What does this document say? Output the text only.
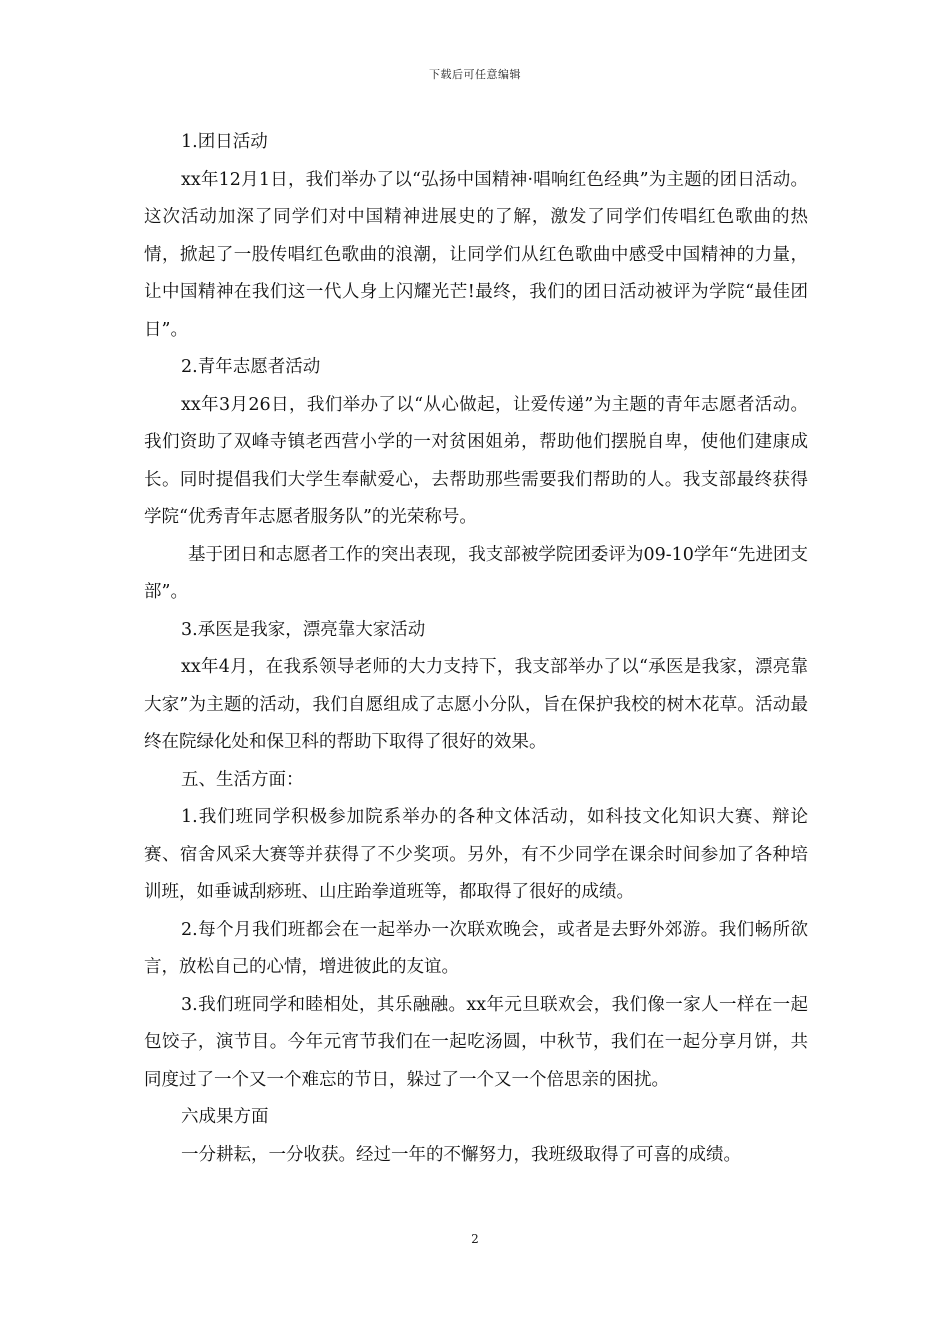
下载后可任意编辑

1.团日活动

xx年12月1日，我们举办了以“弘扬中国精神·唱响红色经典”为主题的团日活动。这次活动加深了同学们对中国精神进展史的了解，激发了同学们传唱红色歌曲的热情，掀起了一股传唱红色歌曲的浪潮，让同学们从红色歌曲中感受中国精神的力量，让中国精神在我们这一代人身上闪耀光芒!最终，我们的团日活动被评为学院“最佳团日”。

2.青年志愿者活动

xx年3月26日，我们举办了以“从心做起，让爱传递”为主题的青年志愿者活动。我们资助了双峰寺镇老西营小学的一对贫困姐弟，帮助他们摆脱自卑，使他们建康成长。同时提倡我们大学生奉献爱心，去帮助那些需要我们帮助的人。我支部最终获得学院“优秀青年志愿者服务队”的光荣称号。

基于团日和志愿者工作的突出表现，我支部被学院团委评为09-10学年“先进团支部”。

3.承医是我家，漂亮靠大家活动

xx年4月，在我系领导老师的大力支持下，我支部举办了以“承医是我家，漂亮靠大家”为主题的活动，我们自愿组成了志愿小分队，旨在保护我校的树木花草。活动最终在院绿化处和保卫科的帮助下取得了很好的效果。

五、生活方面：

1.我们班同学积极参加院系举办的各种文体活动，如科技文化知识大赛、辩论赛、宿舍风采大赛等并获得了不少奖项。另外，有不少同学在课余时间参加了各种培训班，如垂诚刮痧班、山庄跆拳道班等，都取得了很好的成绩。

2.每个月我们班都会在一起举办一次联欢晚会，或者是去野外郊游。我们畅所欲言，放松自己的心情，增进彼此的友谊。

3.我们班同学和睦相处，其乐融融。xx年元旦联欢会，我们像一家人一样在一起包饺子，演节目。今年元宵节我们在一起吃汤圆，中秋节，我们在一起分享月饼，共同度过了一个又一个难忘的节日，躲过了一个又一个倍思亲的困扰。

六成果方面

一分耕耘，一分收获。经过一年的不懈努力，我班级取得了可喜的成绩。

2
